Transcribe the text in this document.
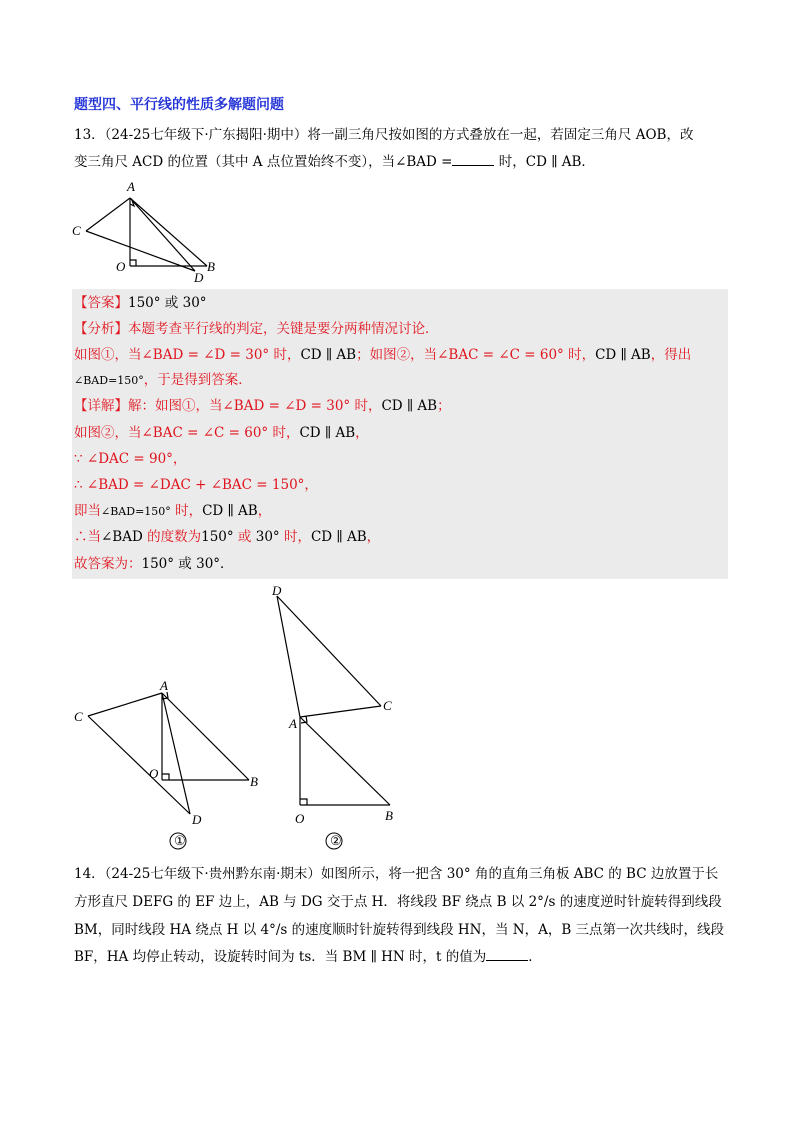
题型四、平行线的性质多解题问题
13．（24-25七年级下·广东揭阳·期中）将一副三角尺按如图的方式叠放在一起，若固定三角尺 AOB，改
变三角尺 ACD 的位置（其中 A 点位置始终不变），当∠BAD =	时，CD ∥ AB．
A
C
O	B
D
【答案】150° 或 30°
【分析】本题考查平行线的判定，关键是要分两种情况讨论．
如图①，当∠BAD = ∠D = 30° 时，CD ∥ AB；如图②，当∠BAC = ∠C = 60° 时，CD ∥ AB，得出
∠BAD=150°，于是得到答案．
【详解】解：如图①，当∠BAD = ∠D = 30° 时，CD ∥ AB；
如图②，当∠BAC = ∠C = 60° 时，CD ∥ AB，
∵ ∠DAC = 90°，
∴ ∠BAD = ∠DAC + ∠BAC = 150°，
即当∠BAD=150° 时，CD ∥ AB，
∴当∠BAD 的度数为150° 或 30° 时，CD ∥ AB，
故答案为：150° 或 30°．
A
C
O
B
D
D
A
C
O	B
①	②
14．（24-25七年级下·贵州黔东南·期末）如图所示，将一把含 30° 角的直角三角板 ABC 的 BC 边放置于长
方形直尺 DEFG 的 EF 边上，AB 与 DG 交于点 H．将线段 BF 绕点 B 以 2°/s 的速度逆时针旋转得到线段
BM，同时线段 HA 绕点 H 以 4°/s 的速度顺时针旋转得到线段 HN，当 N，A，B 三点第一次共线时，线段
BF，HA 均停止转动，设旋转时间为 ts．当 BM ∥ HN 时，t 的值为	．
